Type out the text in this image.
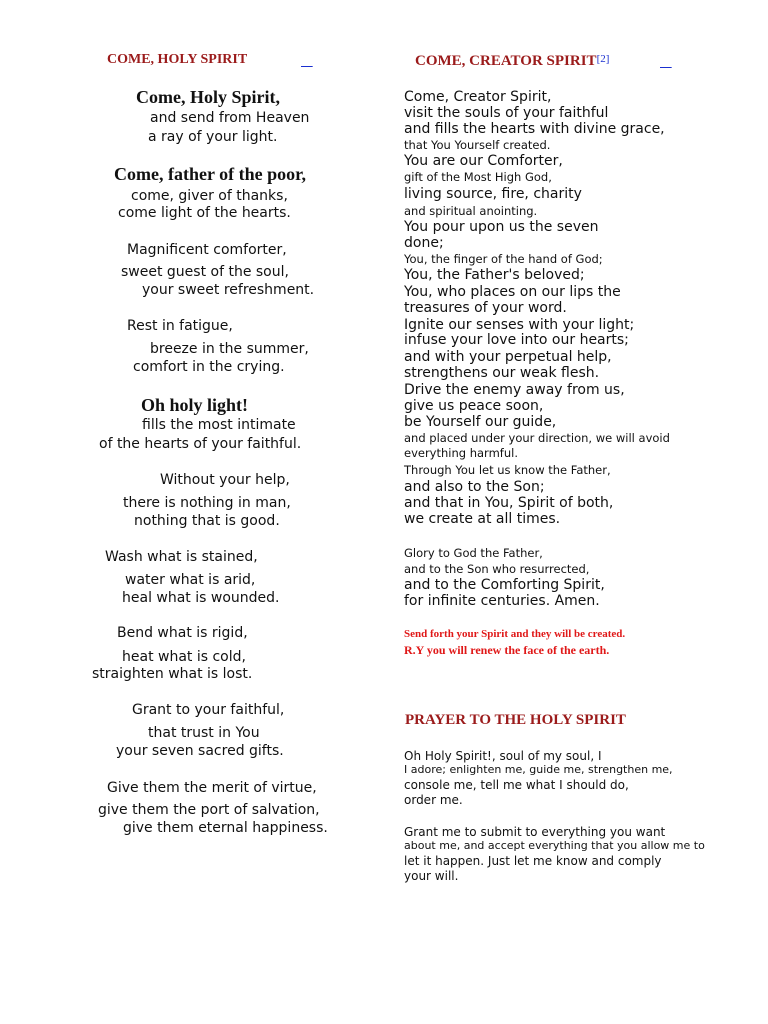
COME, HOLY SPIRIT

Come, Holy Spirit,
and send from Heaven
a ray of your light.
Come, father of the poor,
come, giver of thanks,
come light of the hearts.
Magnificent comforter,
sweet guest of the soul,
your sweet refreshment.
Rest in fatigue,
breeze in the summer,
comfort in the crying.
Oh holy light!
fills the most intimate
of the hearts of your faithful.
Without your help,
there is nothing in man,
nothing that is good.
Wash what is stained,
water what is arid,
heal what is wounded.
Bend what is rigid,
heat what is cold,
straighten what is lost.
Grant to your faithful,
that trust in You
your seven sacred gifts.
Give them the merit of virtue,
give them the port of salvation,
give them eternal happiness.
COME, CREATOR SPIRIT[2]

Come, Creator Spirit,
visit the souls of your faithful
and fills the hearts with divine grace,
that You Yourself created.
You are our Comforter,
gift of the Most High God,
living source, fire, charity
and spiritual anointing.
You pour upon us the seven
done;
You, the finger of the hand of God;
You, the Father's beloved;
You, who places on our lips the
treasures of your word.
Ignite our senses with your light;
infuse your love into our hearts;
and with your perpetual help,
strengthens our weak flesh.
Drive the enemy away from us,
give us peace soon,
be Yourself our guide,
and placed under your direction, we will avoid
everything harmful.
Through You let us know the Father,
and also to the Son;
and that in You, Spirit of both,
we create at all times.
Glory to God the Father,
and to the Son who resurrected,
and to the Comforting Spirit,
for infinite centuries. Amen.
Send forth your Spirit and they will be created.
R.Y you will renew the face of the earth.
PRAYER TO THE HOLY SPIRIT
Oh Holy Spirit!, soul of my soul, I
I adore; enlighten me, guide me, strengthen me,
console me, tell me what I should do,
order me.
Grant me to submit to everything you want
about me, and accept everything that you allow me to
let it happen. Just let me know and comply
your will.
